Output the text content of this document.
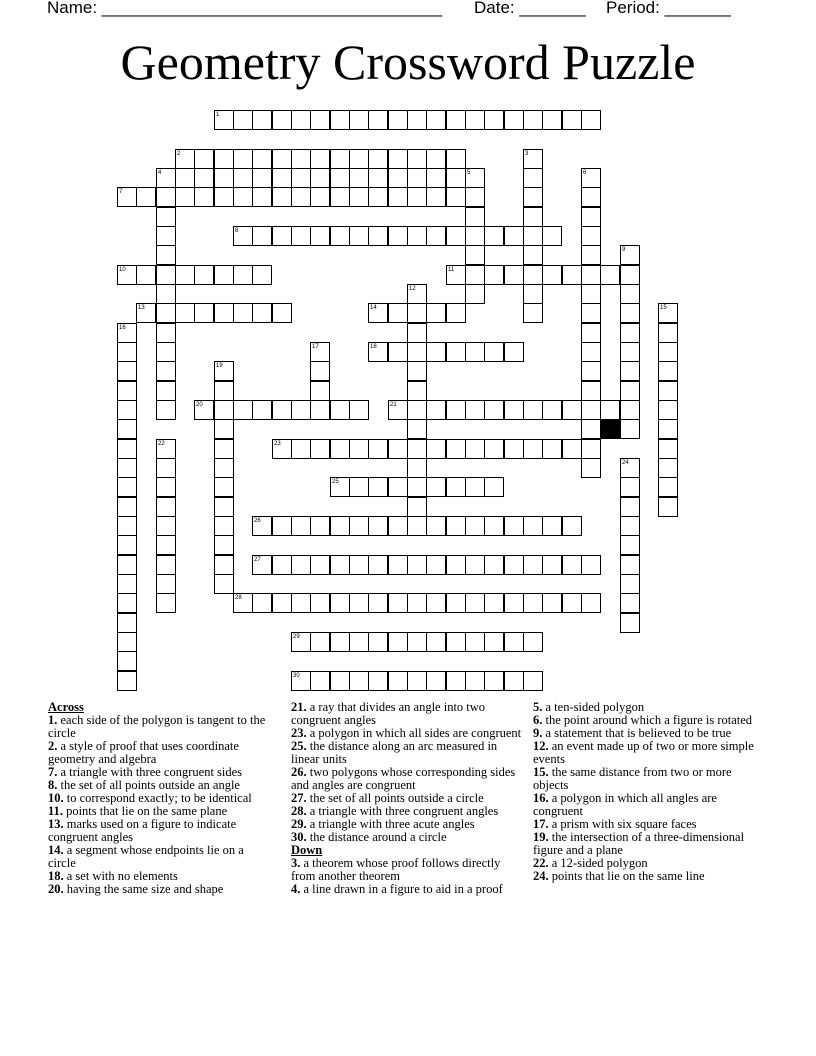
Name: ____________________________________ Date: _______ Period: _______
Geometry Crossword Puzzle
1
2	3
4	5	6
7
8
9
10	11
12
13	14	15
16
17	18
19
20	21
22	23
24
25
26
27
28
29
30
Across
1. each side of the polygon is tangent to the circle
2. a style of proof that uses coordinate geometry and algebra
7. a triangle with three congruent sides
8. the set of all points outside an angle
10. to correspond exactly; to be identical
11. points that lie on the same plane
13. marks used on a figure to indicate congruent angles
14. a segment whose endpoints lie on a circle
18. a set with no elements
20. having the same size and shape
21. a ray that divides an angle into two congruent angles
23. a polygon in which all sides are congruent
25. the distance along an arc measured in linear units
26. two polygons whose corresponding sides and angles are congruent
27. the set of all points outside a circle
28. a triangle with three congruent angles
29. a triangle with three acute angles
30. the distance around a circle
Down
3. a theorem whose proof follows directly from another theorem
4. a line drawn in a figure to aid in a proof
5. a ten-sided polygon
6. the point around which a figure is rotated
9. a statement that is believed to be true
12. an event made up of two or more simple events
15. the same distance from two or more objects
16. a polygon in which all angles are congruent
17. a prism with six square faces
19. the intersection of a three-dimensional figure and a plane
22. a 12-sided polygon
24. points that lie on the same line
